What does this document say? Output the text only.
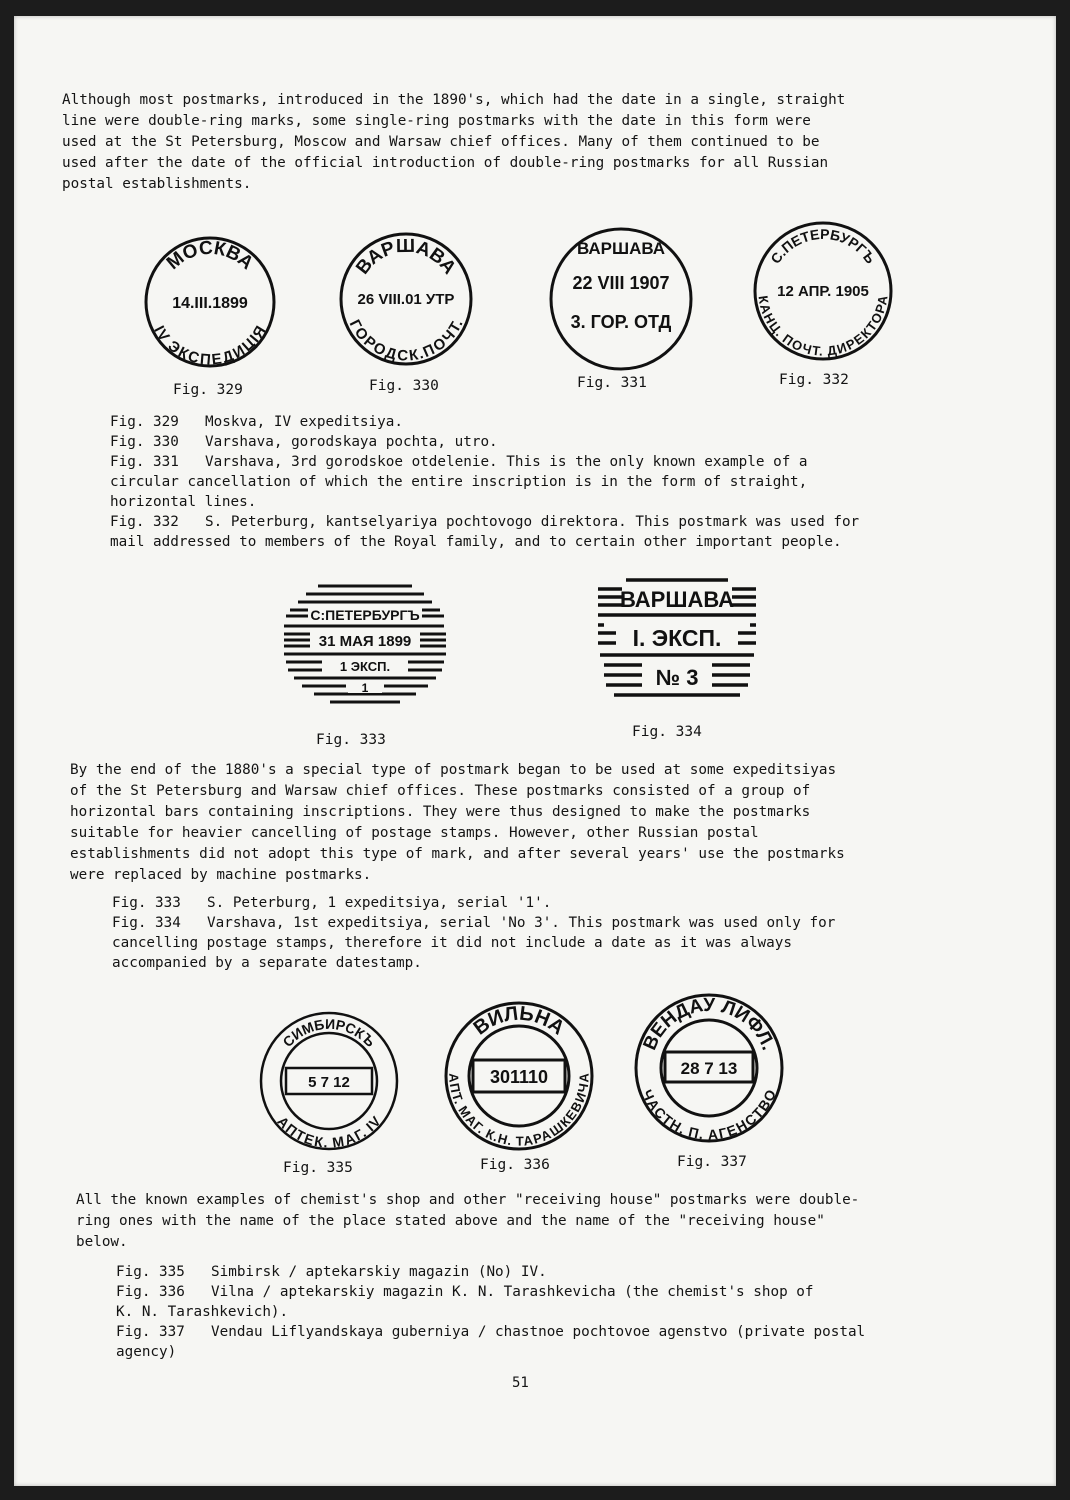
Although most postmarks, introduced in the 1890's, which had the date in a single, straight

line were double-ring marks, some single-ring postmarks with the date in this form were

used at the St Petersburg, Moscow and Warsaw chief offices. Many of them continued to be

used after the date of the official introduction of double-ring postmarks for all Russian

postal establishments.

МОСКВА
14.III.1899
IV ЭКСПЕДИЦІЯ
ВАРШАВА
26 VIII.01 УТР
ГОРОДСК.ПОЧТ.
ВАРШАВА
22 VIII 1907
3. ГОР. ОТД
С.ПЕТЕРБУРГЪ
12 АПР. 1905
КАНЦ. ПОЧТ. ДИРЕКТОРА
Fig. 329	Fig. 330	Fig. 331	Fig. 332

Fig. 329 Moskva, IV expeditsiya.

Fig. 330 Varshava, gorodskaya pochta, utro.

Fig. 331 Varshava, 3rd gorodskoe otdelenie. This is the only known example of a

circular cancellation of which the entire inscription is in the form of straight,

horizontal lines.

Fig. 332 S. Peterburg, kantselyariya pochtovogo direktora. This postmark was used for

mail addressed to members of the Royal family, and to certain other important people.

С:ПЕТЕРБУРГЪ
31 МАЯ 1899
1 ЭКСП.
1
ВАРШАВА
I. ЭКСП.
№ 3
Fig. 333	Fig. 334

By the end of the 1880's a special type of postmark began to be used at some expeditsiyas

of the St Petersburg and Warsaw chief offices. These postmarks consisted of a group of

horizontal bars containing inscriptions. They were thus designed to make the postmarks

suitable for heavier cancelling of postage stamps. However, other Russian postal

establishments did not adopt this type of mark, and after several years' use the postmarks

were replaced by machine postmarks.

Fig. 333 S. Peterburg, 1 expeditsiya, serial '1'.

Fig. 334 Varshava, 1st expeditsiya, serial 'No 3'. This postmark was used only for

cancelling postage stamps, therefore it did not include a date as it was always

accompanied by a separate datestamp.

СИМБИРСКЪ
5 7 12
АПТЕК. МАГ. IV
ВИЛЬНА
301110
АПТ. МАГ. К.Н. ТАРАШКЕВИЧА
ВЕНДАУ ЛИФЛ.
28 7 13
ЧАСТН. П. АГЕНСТВО
Fig. 335	Fig. 336	Fig. 337

All the known examples of chemist's shop and other "receiving house" postmarks were double-

ring ones with the name of the place stated above and the name of the "receiving house"

below.

Fig. 335 Simbirsk / aptekarskiy magazin (No) IV.

Fig. 336 Vilna / aptekarskiy magazin K. N. Tarashkevicha (the chemist's shop of

K. N. Tarashkevich).

Fig. 337 Vendau Liflyandskaya guberniya / chastnoe pochtovoe agenstvo (private postal

agency)

51
